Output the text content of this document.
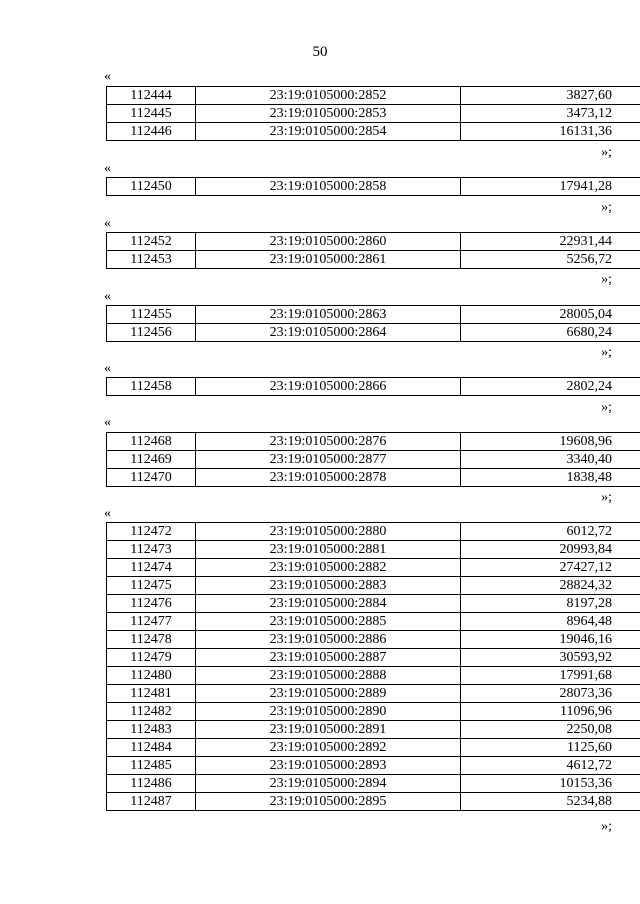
50
«
112444	23:19:0105000:2852	3827,60
112445	23:19:0105000:2853	3473,12
112446	23:19:0105000:2854	16131,36
»;
«
112450	23:19:0105000:2858	17941,28
»;
«
112452	23:19:0105000:2860	22931,44
112453	23:19:0105000:2861	5256,72
»;
«
112455	23:19:0105000:2863	28005,04
112456	23:19:0105000:2864	6680,24
»;
«
112458	23:19:0105000:2866	2802,24
»;
«
112468	23:19:0105000:2876	19608,96
112469	23:19:0105000:2877	3340,40
112470	23:19:0105000:2878	1838,48
»;
«
112472	23:19:0105000:2880	6012,72
112473	23:19:0105000:2881	20993,84
112474	23:19:0105000:2882	27427,12
112475	23:19:0105000:2883	28824,32
112476	23:19:0105000:2884	8197,28
112477	23:19:0105000:2885	8964,48
112478	23:19:0105000:2886	19046,16
112479	23:19:0105000:2887	30593,92
112480	23:19:0105000:2888	17991,68
112481	23:19:0105000:2889	28073,36
112482	23:19:0105000:2890	11096,96
112483	23:19:0105000:2891	2250,08
112484	23:19:0105000:2892	1125,60
112485	23:19:0105000:2893	4612,72
112486	23:19:0105000:2894	10153,36
112487	23:19:0105000:2895	5234,88
»;
